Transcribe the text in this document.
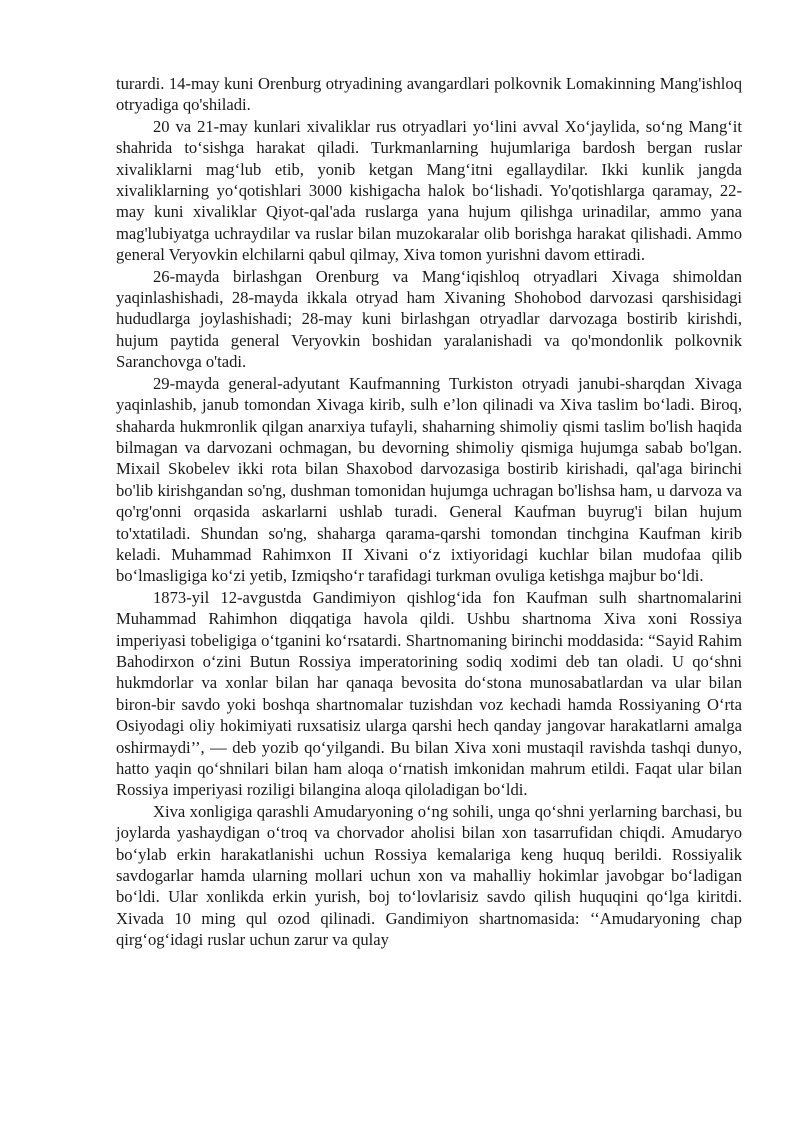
turardi. 14-may kuni Orenburg otryadining avangardlari polkovnik Lomakinning Mang'ishloq otryadiga qo'shiladi.

20 va 21-may kunlari xivaliklar rus otryadlari yo‘lini avval Xo‘jaylida, so‘ng Mang‘it shahrida to‘sishga harakat qiladi. Turkmanlarning hujumlariga bardosh bergan ruslar xivaliklarni mag‘lub etib, yonib ketgan Mang‘itni egallaydilar. Ikki kunlik jangda xivaliklarning yo‘qotishlari 3000 kishigacha halok bo‘lishadi. Yo'qotishlarga qaramay, 22-may kuni xivaliklar Qiyot-qal'ada ruslarga yana hujum qilishga urinadilar, ammo yana mag'lubiyatga uchraydilar va ruslar bilan muzokaralar olib borishga harakat qilishadi. Ammo general Veryovkin elchilarni qabul qilmay, Xiva tomon yurishni davom ettiradi.

26-mayda birlashgan Orenburg va Mang‘iqishloq otryadlari Xivaga shimoldan yaqinlashishadi, 28-mayda ikkala otryad ham Xivaning Shohobod darvozasi qarshisidagi hududlarga joylashishadi; 28-may kuni birlashgan otryadlar darvozaga bostirib kirishdi, hujum paytida general Veryovkin boshidan yaralanishadi va qo'mondonlik polkovnik Saranchovga o'tadi.

29-mayda general-adyutant Kaufmanning Turkiston otryadi janubi-sharqdan Xivaga yaqinlashib, janub tomondan Xivaga kirib, sulh e’lon qilinadi va Xiva taslim bo‘ladi. Biroq, shaharda hukmronlik qilgan anarxiya tufayli, shaharning shimoliy qismi taslim bo'lish haqida bilmagan va darvozani ochmagan, bu devorning shimoliy qismiga hujumga sabab bo'lgan. Mixail Skobelev ikki rota bilan Shaxobod darvozasiga bostirib kirishadi, qal'aga birinchi bo'lib kirishgandan so'ng, dushman tomonidan hujumga uchragan bo'lishsa ham, u darvoza va qo'rg'onni orqasida askarlarni ushlab turadi. General Kaufman buyrug'i bilan hujum to'xtatiladi. Shundan so'ng, shaharga qarama-qarshi tomondan tinchgina Kaufman kirib keladi. Muhammad Rahimxon II Xivani o‘z ixtiyoridagi kuchlar bilan mudofaa qilib bo‘lmasligiga ko‘zi yetib, Izmiqsho‘r tarafidagi turkman ovuliga ketishga majbur bo‘ldi.

1873-yil 12-avgustda Gandimiyon qishlog‘ida fon Kaufman sulh shartnomalarini Muhammad Rahimhon diqqatiga havola qildi. Ushbu shartnoma Xiva xoni Rossiya imperiyasi tobeligiga o‘tganini ko‘rsatardi. Shartnomaning birinchi moddasida: “Sayid Rahim Bahodirxon o‘zini Butun Rossiya imperatorining sodiq xodimi deb tan oladi. U qo‘shni hukmdorlar va xonlar bilan har qanaqa bevosita do‘stona munosabatlardan va ular bilan biron-bir savdo yoki boshqa shartnomalar tuzishdan voz kechadi hamda Rossiyaning O‘rta Osiyodagi oliy hokimiyati ruxsatisiz ularga qarshi hech qanday jangovar harakatlarni amalga oshirmaydi’’, — deb yozib qo‘yilgandi. Bu bilan Xiva xoni mustaqil ravishda tashqi dunyo, hatto yaqin qo‘shnilari bilan ham aloqa o‘rnatish imkonidan mahrum etildi. Faqat ular bilan Rossiya imperiyasi roziligi bilangina aloqa qiloladigan bo‘ldi.

Xiva xonligiga qarashli Amudaryoning o‘ng sohili, unga qo‘shni yerlarning barchasi, bu joylarda yashaydigan o‘troq va chorvador aholisi bilan xon tasarrufidan chiqdi. Amudaryo bo‘ylab erkin harakatlanishi uchun Rossiya kemalariga keng huquq berildi. Rossiyalik savdogarlar hamda ularning mollari uchun xon va mahalliy hokimlar javobgar bo‘ladigan bo‘ldi. Ular xonlikda erkin yurish, boj to‘lovlarisiz savdo qilish huquqini qo‘lga kiritdi. Xivada 10 ming qul ozod qilinadi. Gandimiyon shartnomasida: ‘‘Amudaryoning chap qirg‘og‘idagi ruslar uchun zarur va qulay
